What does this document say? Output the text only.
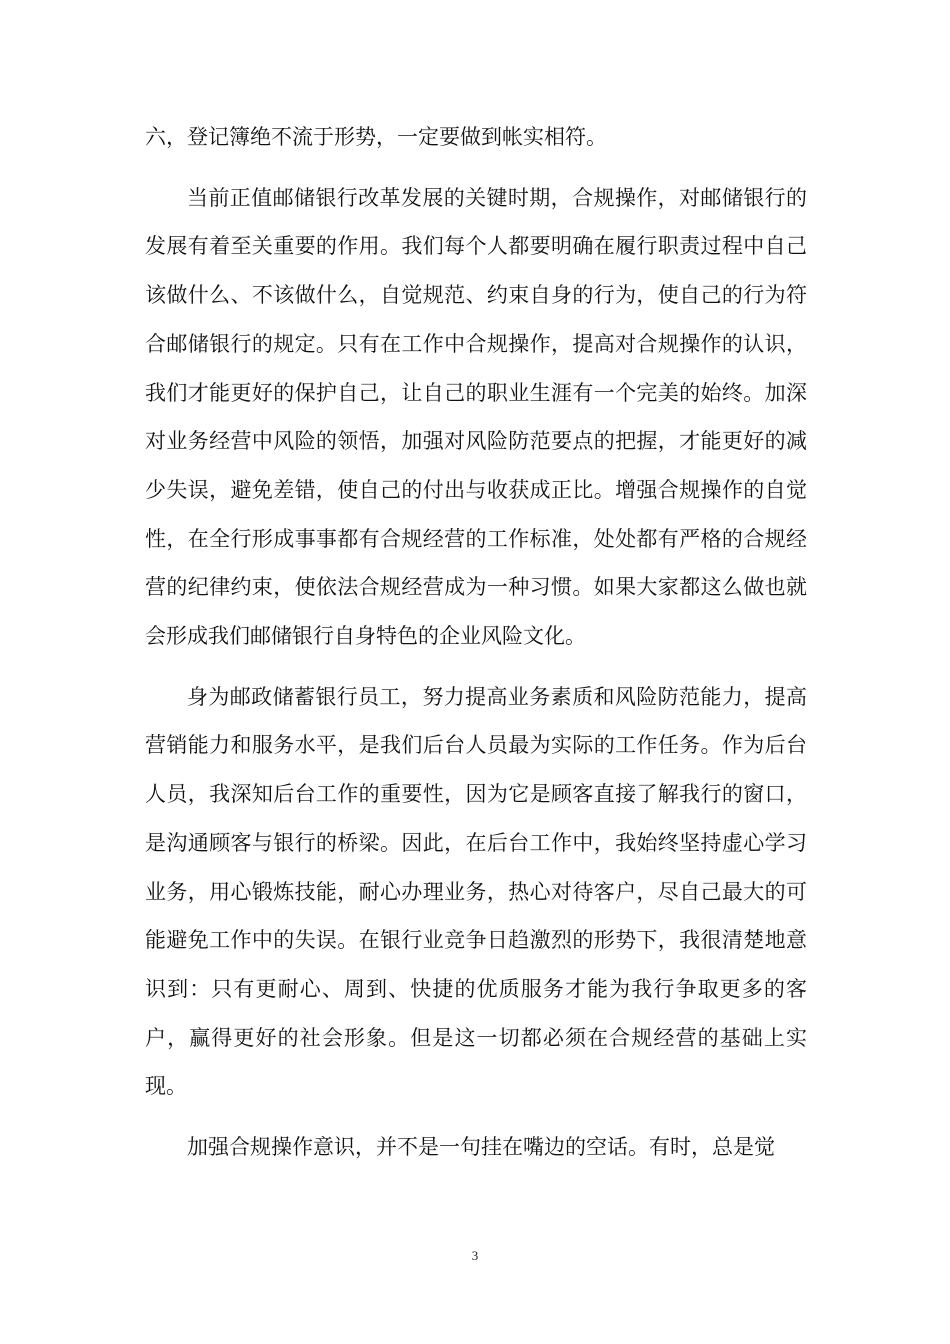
六，登记簿绝不流于形势，一定要做到帐实相符。

当前正值邮储银行改革发展的关键时期，合规操作，对邮储银行的发展有着至关重要的作用。我们每个人都要明确在履行职责过程中自己该做什么、不该做什么，自觉规范、约束自身的行为，使自己的行为符合邮储银行的规定。只有在工作中合规操作，提高对合规操作的认识，我们才能更好的保护自己，让自己的职业生涯有一个完美的始终。加深对业务经营中风险的领悟，加强对风险防范要点的把握，才能更好的减少失误，避免差错，使自己的付出与收获成正比。增强合规操作的自觉性，在全行形成事事都有合规经营的工作标准，处处都有严格的合规经营的纪律约束，使依法合规经营成为一种习惯。如果大家都这么做也就会形成我们邮储银行自身特色的企业风险文化。

身为邮政储蓄银行员工，努力提高业务素质和风险防范能力，提高营销能力和服务水平，是我们后台人员最为实际的工作任务。作为后台人员，我深知后台工作的重要性，因为它是顾客直接了解我行的窗口，是沟通顾客与银行的桥梁。因此，在后台工作中，我始终坚持虚心学习业务，用心锻炼技能，耐心办理业务，热心对待客户，尽自己最大的可能避免工作中的失误。在银行业竞争日趋激烈的形势下，我很清楚地意识到：只有更耐心、周到、快捷的优质服务才能为我行争取更多的客户，赢得更好的社会形象。但是这一切都必须在合规经营的基础上实现。

加强合规操作意识，并不是一句挂在嘴边的空话。有时，总是觉

3
